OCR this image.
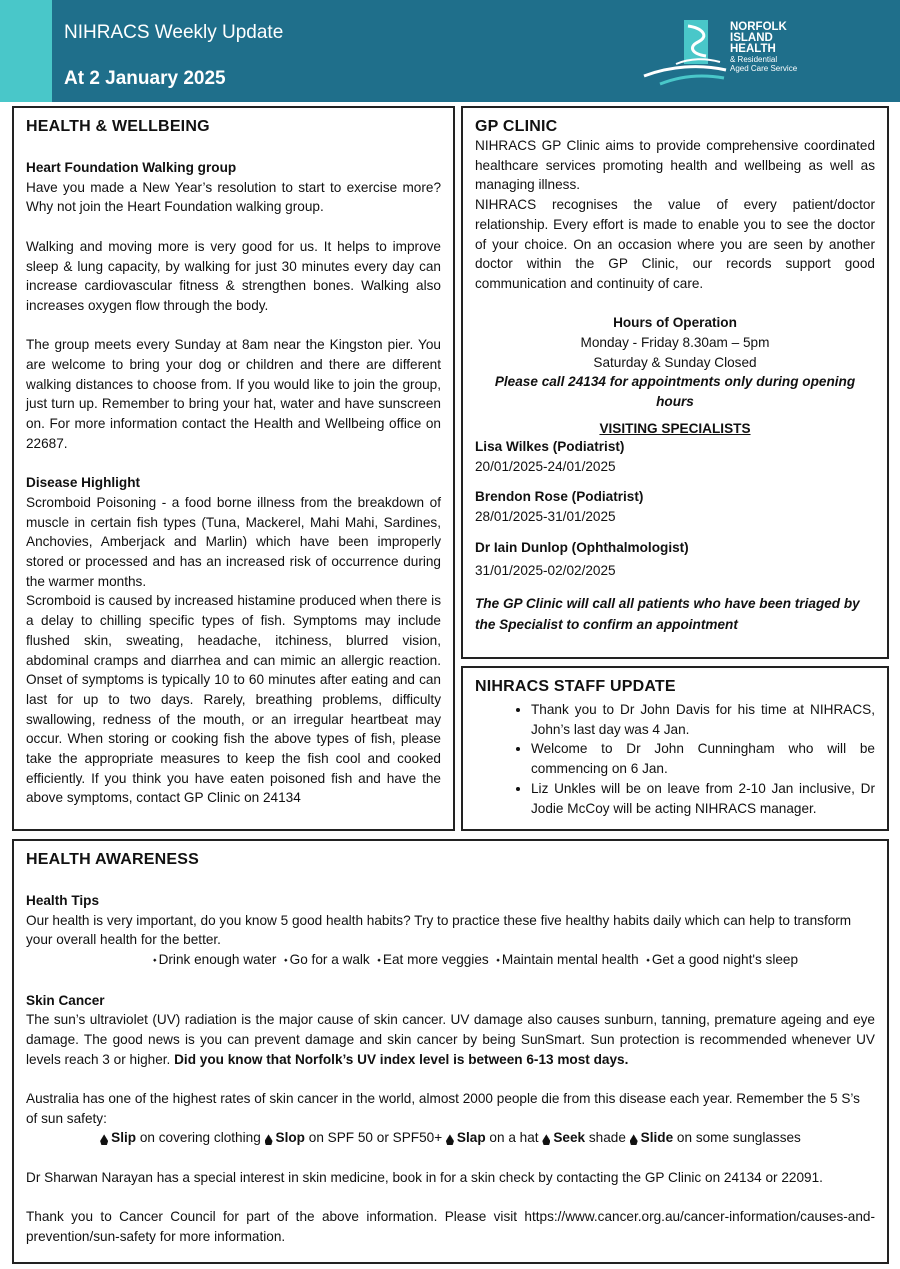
NIHRACS Weekly Update
At 2 January 2025
NORFOLK
ISLAND
HEALTH
& Residential
Aged Care Service
HEALTH & WELLBEING

Heart Foundation Walking group

Have you made a New Year’s resolution to start to exercise more? Why not join the Heart Foundation walking group.

Walking and moving more is very good for us. It helps to improve sleep & lung capacity, by walking for just 30 minutes every day can increase cardiovascular fitness & strengthen bones. Walking also increases oxygen flow through the body.

The group meets every Sunday at 8am near the Kingston pier. You are welcome to bring your dog or children and there are different walking distances to choose from. If you would like to join the group, just turn up. Remember to bring your hat, water and have sunscreen on. For more information contact the Health and Wellbeing office on 22687.

Disease Highlight

Scromboid Poisoning - a food borne illness from the breakdown of muscle in certain fish types (Tuna, Mackerel, Mahi Mahi, Sardines, Anchovies, Amberjack and Marlin) which have been improperly stored or processed and has an increased risk of occurrence during the warmer months.

Scromboid is caused by increased histamine produced when there is a delay to chilling specific types of fish. Symptoms may include flushed skin, sweating, headache, itchiness, blurred vision, abdominal cramps and diarrhea and can mimic an allergic reaction. Onset of symptoms is typically 10 to 60 minutes after eating and can last for up to two days. Rarely, breathing problems, difficulty swallowing, redness of the mouth, or an irregular heartbeat may occur. When storing or cooking fish the above types of fish, please take the appropriate measures to keep the fish cool and cooked efficiently. If you think you have eaten poisoned fish and have the above symptoms, contact GP Clinic on 24134

GP CLINIC

NIHRACS GP Clinic aims to provide comprehensive coordinated healthcare services promoting health and wellbeing as well as managing illness.

NIHRACS recognises the value of every patient/doctor relationship. Every effort is made to enable you to see the doctor of your choice. On an occasion where you are seen by another doctor within the GP Clinic, our records support good communication and continuity of care.

Hours of Operation

Monday - Friday 8.30am – 5pm

Saturday & Sunday Closed

Please call 24134 for appointments only during opening hours

VISITING SPECIALISTS

Lisa Wilkes (Podiatrist)

20/01/2025-24/01/2025

Brendon Rose (Podiatrist)

28/01/2025-31/01/2025

Dr Iain Dunlop (Ophthalmologist)

31/01/2025-02/02/2025

The GP Clinic will call all patients who have been triaged by the Specialist to confirm an appointment

NIHRACS STAFF UPDATE
• Thank you to Dr John Davis for his time at NIHRACS, John’s last day was 4 Jan.
• Welcome to Dr John Cunningham who will be commencing on 6 Jan.
• Liz Unkles will be on leave from 2-10 Jan inclusive, Dr Jodie McCoy will be acting NIHRACS manager.
HEALTH AWARENESS

Health Tips

Our health is very important, do you know 5 good health habits? Try to practice these five healthy habits daily which can help to transform your overall health for the better.

⬩ Drink enough water ⬩ Go for a walk ⬩ Eat more veggies ⬩ Maintain mental health ⬩ Get a good night's sleep

Skin Cancer

The sun’s ultraviolet (UV) radiation is the major cause of skin cancer. UV damage also causes sunburn, tanning, premature ageing and eye damage. The good news is you can prevent damage and skin cancer by being SunSmart. Sun protection is recommended whenever UV levels reach 3 or higher. Did you know that Norfolk’s UV index level is between 6-13 most days.

Australia has one of the highest rates of skin cancer in the world, almost 2000 people die from this disease each year. Remember the 5 S’s of sun safety:

Slip on covering clothing Slop on SPF 50 or SPF50+ Slap on a hat Seek shade Slide on some sunglasses

Dr Sharwan Narayan has a special interest in skin medicine, book in for a skin check by contacting the GP Clinic on 24134 or 22091.

Thank you to Cancer Council for part of the above information. Please visit https://www.cancer.org.au/cancer-information/causes-and-prevention/sun-safety for more information.
